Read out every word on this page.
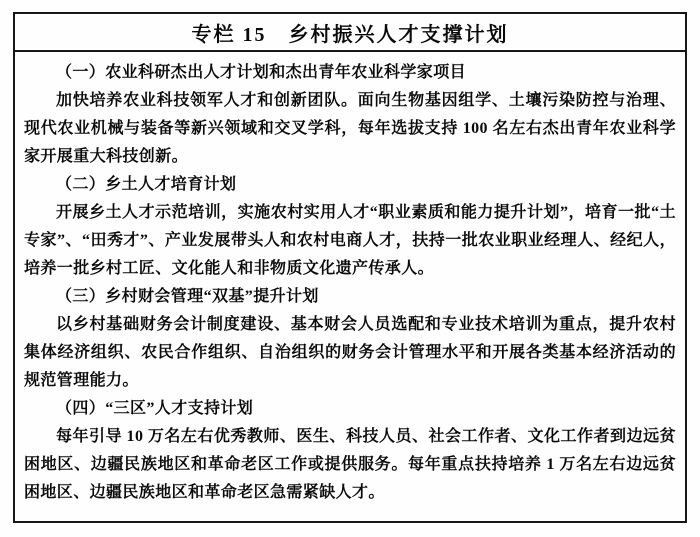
专栏 15　乡村振兴人才支撑计划

（一）农业科研杰出人才计划和杰出青年农业科学家项目

加快培养农业科技领军人才和创新团队。面向生物基因组学、土壤污染防控与治理、现代农业机械与装备等新兴领域和交叉学科，每年选拔支持 100 名左右杰出青年农业科学家开展重大科技创新。

（二）乡土人才培育计划

开展乡土人才示范培训，实施农村实用人才“职业素质和能力提升计划”，培育一批“土专家”、“田秀才”、产业发展带头人和农村电商人才，扶持一批农业职业经理人、经纪人，培养一批乡村工匠、文化能人和非物质文化遗产传承人。

（三）乡村财会管理“双基”提升计划

以乡村基础财务会计制度建设、基本财会人员选配和专业技术培训为重点，提升农村集体经济组织、农民合作组织、自治组织的财务会计管理水平和开展各类基本经济活动的规范管理能力。

（四）“三区”人才支持计划

每年引导 10 万名左右优秀教师、医生、科技人员、社会工作者、文化工作者到边远贫困地区、边疆民族地区和革命老区工作或提供服务。每年重点扶持培养 1 万名左右边远贫困地区、边疆民族地区和革命老区急需紧缺人才。
